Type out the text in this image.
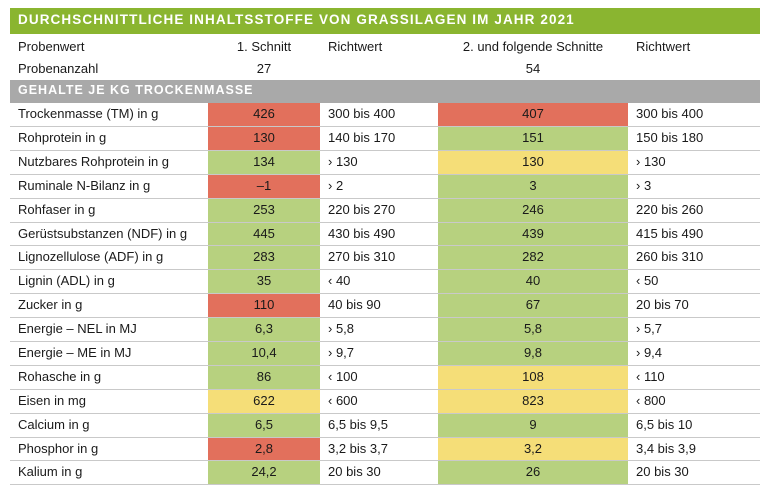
DURCHSCHNITTLICHE INHALTSSTOFFE VON GRASSILAGEN IM JAHR 2021				
Probenwert	1. Schnitt	Richtwert	2. und folgende Schnitte	Richtwert
Probenanzahl	27		54	
GEHALTE JE KG TROCKENMASSE				
Trockenmasse (TM) in g	426	300 bis 400	407	300 bis 400
Rohprotein in g	130	140 bis 170	151	150 bis 180
Nutzbares Rohprotein in g	134	› 130	130	› 130
Ruminale N-Bilanz in g	–1	› 2	3	› 3
Rohfaser in g	253	220 bis 270	246	220 bis 260
Gerüstsubstanzen (NDF) in g	445	430 bis 490	439	415 bis 490
Lignozellulose (ADF) in g	283	270 bis 310	282	260 bis 310
Lignin (ADL) in g	35	‹ 40	40	‹ 50
Zucker in g	110	40 bis 90	67	20 bis 70
Energie – NEL in MJ	6,3	› 5,8	5,8	› 5,7
Energie – ME in MJ	10,4	› 9,7	9,8	› 9,4
Rohasche in g	86	‹ 100	108	‹ 110
Eisen in mg	622	‹ 600	823	‹ 800
Calcium in g	6,5	6,5 bis 9,5	9	6,5 bis 10
Phosphor in g	2,8	3,2 bis 3,7	3,2	3,4 bis 3,9
Kalium in g	24,2	20 bis 30	26	20 bis 30
